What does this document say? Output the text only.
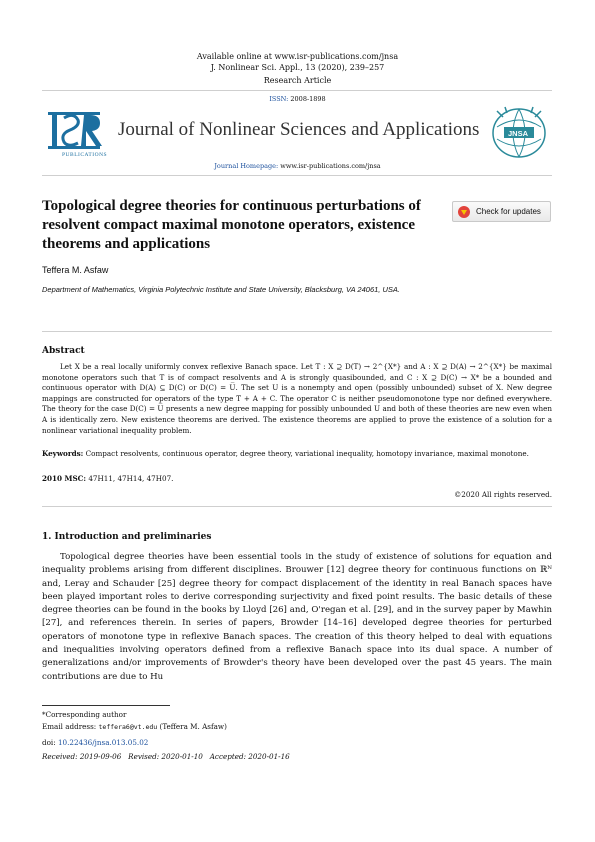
Available online at www.isr-publications.com/jnsa
J. Nonlinear Sci. Appl., 13 (2020), 239–257
Research Article
ISSN: 2008-1898
PUBLICATIONS
Journal of Nonlinear Sciences and Applications	JNSA
Journal Homepage: www.isr-publications.com/jnsa
Topological degree theories for continuous perturbations of resolvent compact maximal monotone operators, existence theorems and applications
Check for updates
Teffera M. Asfaw
Department of Mathematics, Virginia Polytechnic Institute and State University, Blacksburg, VA 24061, USA.
Abstract
Let X be a real locally uniformly convex reflexive Banach space. Let T : X ⊇ D(T) → 2^{X*} and A : X ⊇ D(A) → 2^{X*} be maximal monotone operators such that T is of compact resolvents and A is strongly quasibounded, and C : X ⊇ D(C) → X* be a bounded and continuous operator with D(A) ⊆ D(C) or D(C) = U̅. The set U is a nonempty and open (possibly unbounded) subset of X. New degree mappings are constructed for operators of the type T + A + C. The operator C is neither pseudomonotone type nor defined everywhere. The theory for the case D(C) = U̅ presents a new degree mapping for possibly unbounded U and both of these theories are new even when A is identically zero. New existence theorems are derived. The existence theorems are applied to prove the existence of a solution for a nonlinear variational inequality problem.
Keywords: Compact resolvents, continuous operator, degree theory, variational inequality, homotopy invariance, maximal monotone.
2010 MSC: 47H11, 47H14, 47H07.
©2020 All rights reserved.
1. Introduction and preliminaries
Topological degree theories have been essential tools in the study of existence of solutions for equation and inequality problems arising from different disciplines. Brouwer [12] degree theory for continuous functions on ℝᴺ and, Leray and Schauder [25] degree theory for compact displacement of the identity in real Banach spaces have been played important roles to derive corresponding surjectivity and fixed point results. The basic details of these degree theories can be found in the books by Lloyd [26] and, O'regan et al. [29], and in the survey paper by Mawhin [27], and references therein. In series of papers, Browder [14–16] developed degree theories for perturbed operators of monotone type in reflexive Banach spaces. The creation of this theory helped to deal with equations and inequalities involving operators defined from a reflexive Banach space into its dual space. A number of generalizations and/or improvements of Browder's theory have been developed over the past 45 years. The main contributions are due to Hu
*Corresponding author
Email address: teffera6@vt.edu (Teffera M. Asfaw)
doi: 10.22436/jnsa.013.05.02
Received: 2019-09-06   Revised: 2020-01-10   Accepted: 2020-01-16
